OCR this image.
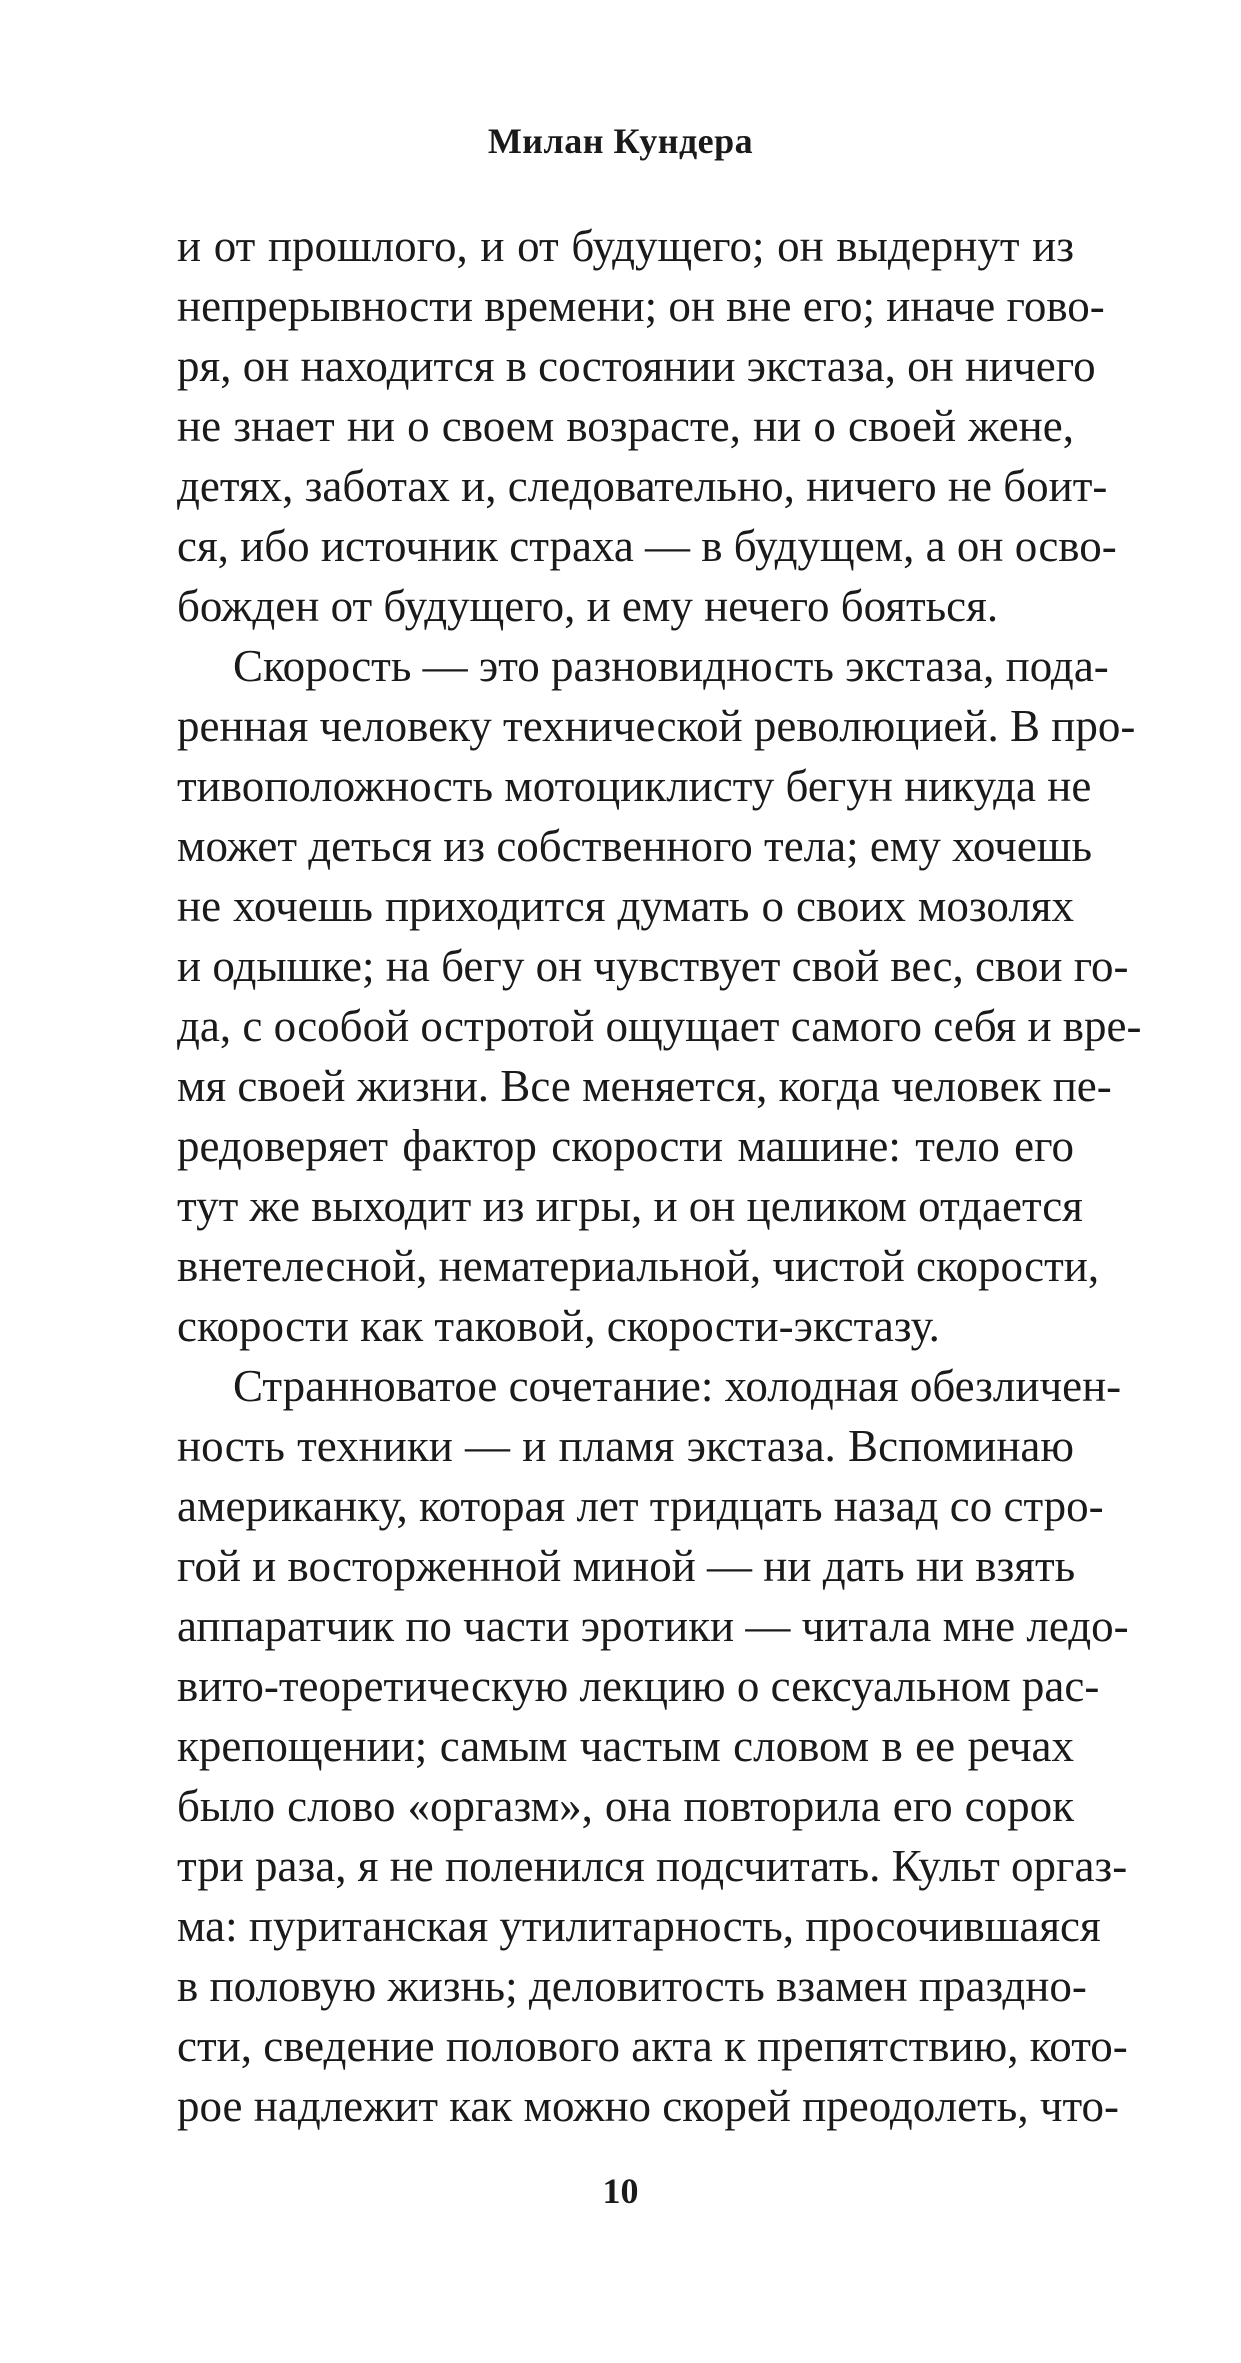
Милан Кундера
и от прошлого, и от будущего; он выдернут из
непрерывности времени; он вне его; иначе гово-
ря, он находится в состоянии экстаза, он ничего
не знает ни о своем возрасте, ни о своей жене,
детях, заботах и, следовательно, ничего не боит-
ся, ибо источник страха — в будущем, а он осво-
божден от будущего, и ему нечего бояться.
Скорость — это разновидность экстаза, пода-
ренная человеку технической революцией. В про-
тивоположность мотоциклисту бегун никуда не
может деться из собственного тела; ему хочешь
не хочешь приходится думать о своих мозолях
и одышке; на бегу он чувствует свой вес, свои го-
да, с особой остротой ощущает самого себя и вре-
мя своей жизни. Все меняется, когда человек пе-
редоверяет фактор скорости машине: тело его
тут же выходит из игры, и он целиком отдается
внетелесной, нематериальной, чистой скорости,
скорости как таковой, скорости-экстазу.
Странноватое сочетание: холодная обезличен-
ность техники — и пламя экстаза. Вспоминаю
американку, которая лет тридцать назад со стро-
гой и восторженной миной — ни дать ни взять
аппаратчик по части эротики — читала мне ледо-
вито-теоретическую лекцию о сексуальном рас-
крепощении; самым частым словом в ее речах
было слово «оргазм», она повторила его сорок
три раза, я не поленился подсчитать. Культ оргаз-
ма: пуританская утилитарность, просочившаяся
в половую жизнь; деловитость взамен праздно-
сти, сведение полового акта к препятствию, кото-
рое надлежит как можно скорей преодолеть, что-
10
